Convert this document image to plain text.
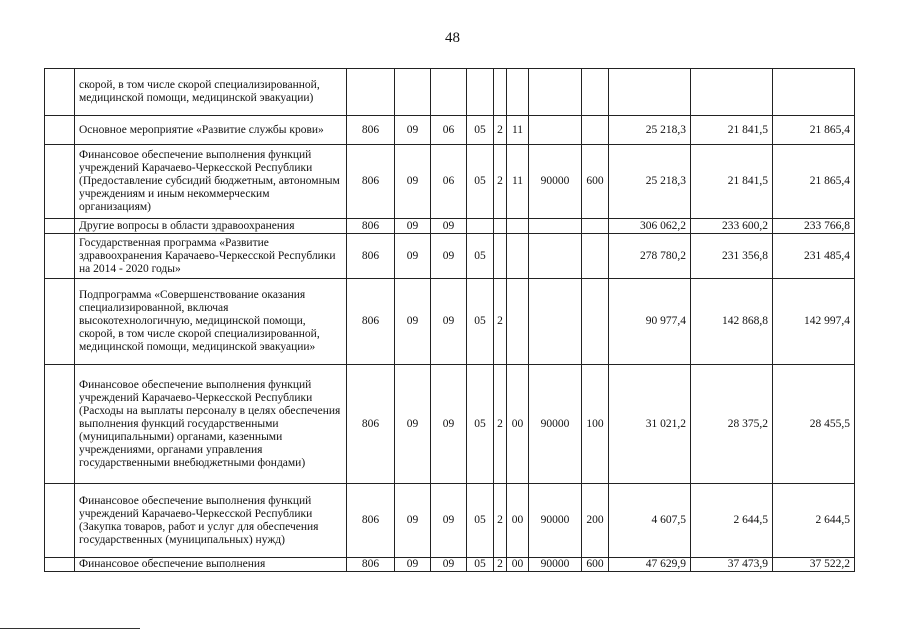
48
	скорой, в том числе скорой специализированной, медицинской помощи, медицинской эвакуации)											
	Основное мероприятие «Развитие службы крови»	806	09	06	05	2	11			25 218,3	21 841,5	21 865,4
	Финансовое обеспечение выполнения функций учреждений Карачаево-Черкесской Республики (Предоставление субсидий бюджетным, автономным учреждениям и иным некоммерческим организациям)	806	09	06	05	2	11	90000	600	25 218,3	21 841,5	21 865,4
	Другие вопросы в области здравоохранения	806	09	09						306 062,2	233 600,2	233 766,8
	Государственная программа «Развитие здравоохранения Карачаево-Черкесской Республики на 2014 - 2020 годы»	806	09	09	05					278 780,2	231 356,8	231 485,4
	Подпрограмма «Совершенствование оказания специализированной, включая высокотехнологичную, медицинской помощи, скорой, в том числе скорой специализированной, медицинской помощи, медицинской эвакуации»	806	09	09	05	2				90 977,4	142 868,8	142 997,4
	Финансовое обеспечение выполнения функций учреждений Карачаево-Черкесской Республики (Расходы на выплаты персоналу в целях обеспечения выполнения функций государственными (муниципальными) органами, казенными учреждениями, органами управления государственными внебюджетными фондами)	806	09	09	05	2	00	90000	100	31 021,2	28 375,2	28 455,5
	Финансовое обеспечение выполнения функций учреждений Карачаево-Черкесской Республики (Закупка товаров, работ и услуг для обеспечения государственных (муниципальных) нужд)	806	09	09	05	2	00	90000	200	4 607,5	2 644,5	2 644,5
	Финансовое обеспечение выполнения	806	09	09	05	2	00	90000	600	47 629,9	37 473,9	37 522,2
